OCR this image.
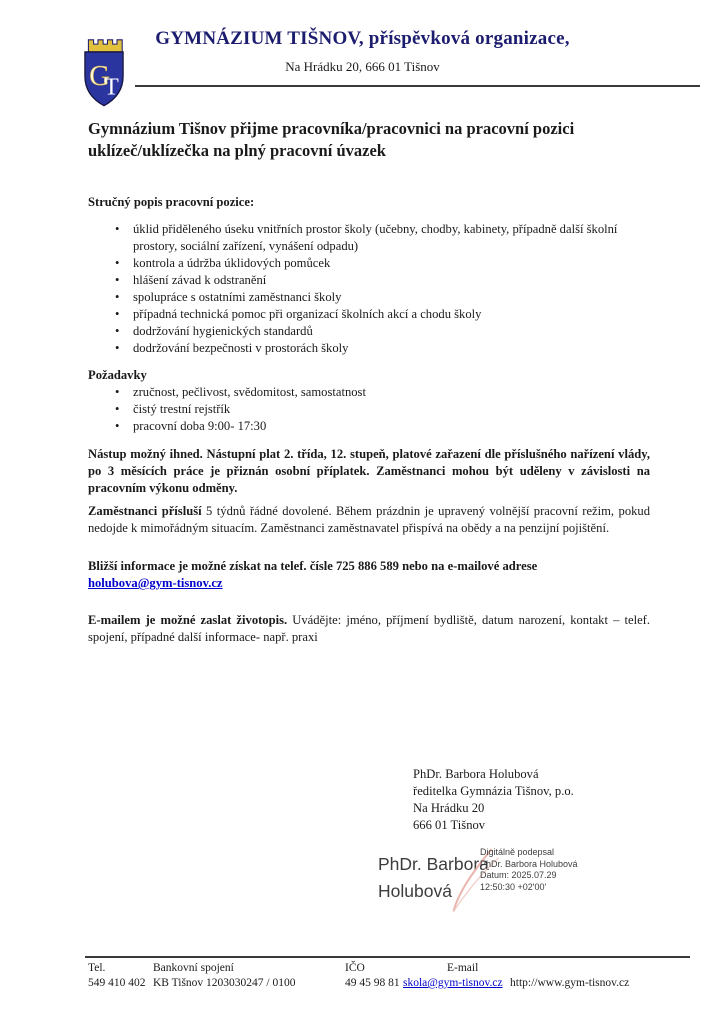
G
T
GYMNÁZIUM TIŠNOV, příspěvková organizace,
Na Hrádku 20, 666 01 Tišnov
Gymnázium Tišnov přijme pracovníka/pracovnici na pracovní pozici uklízeč/uklízečka na plný pracovní úvazek
Stručný popis pracovní pozice:
• úklid přiděleného úseku vnitřních prostor školy (učebny, chodby, kabinety, případně další školní prostory, sociální zařízení, vynášení odpadu)
• kontrola a údržba úklidových pomůcek
• hlášení závad k odstranění
• spolupráce s ostatními zaměstnanci školy
• případná technická pomoc při organizací školních akcí a chodu školy
• dodržování hygienických standardů
• dodržování bezpečnosti v prostorách školy
Požadavky
• zručnost, pečlivost, svědomitost, samostatnost
• čistý trestní rejstřík
• pracovní doba 9:00- 17:30

Nástup možný ihned. Nástupní plat 2. třída, 12. stupeň, platové zařazení dle příslušného nařízení vlády, po 3 měsících práce je přiznán osobní příplatek. Zaměstnanci mohou být uděleny v závislosti na pracovním výkonu odměny.

Zaměstnanci přísluší 5 týdnů řádné dovolené. Během prázdnin je upravený volnější pracovní režim, pokud nedojde k mimořádným situacím. Zaměstnanci zaměstnavatel přispívá na obědy a na penzijní pojištění.

Bližší informace je možné získat na telef. čísle 725 886 589 nebo na e-mailové adrese
holubova@gym-tisnov.cz

E-mailem je možné zaslat životopis. Uvádějte: jméno, příjmení bydliště, datum narození, kontakt – telef. spojení, případné další informace- např. praxi

PhDr. Barbora Holubová
ředitelka Gymnázia Tišnov, p.o.
Na Hrádku 20
666 01 Tišnov
PhDr. Barbora Holubová
Digitálně podepsal
PhDr. Barbora Holubová
Datum: 2025.07.29
12:50:30 +02'00'
Tel.
549 410 402
Bankovní spojení
KB Tišnov 1203030247 / 0100
IČO
49 45 98 81
E-mail
skola@gym-tisnov.cz http://www.gym-tisnov.cz
